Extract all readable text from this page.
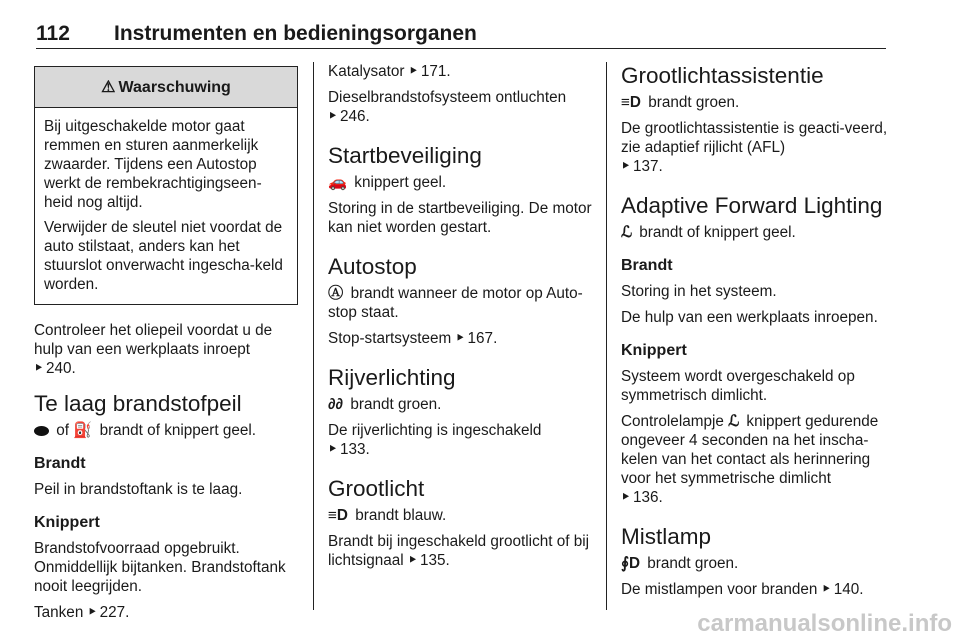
112 Instrumenten en bedieningsorganen
⚠ Waarschuwing

Bij uitgeschakelde motor gaat remmen en sturen aanmerkelijk zwaarder. Tijdens een Autostop werkt de rembekrachtigingseen-heid nog altijd.

Verwijder de sleutel niet voordat de auto stilstaat, anders kan het stuurslot onverwacht ingescha-keld worden.

Controleer het oliepeil voordat u de hulp van een werkplaats inroept
‣ 240.

Te laag brandstofpeil

of ⛽ brandt of knippert geel.

Brandt

Peil in brandstoftank is te laag.

Knippert

Brandstofvoorraad opgebruikt. Onmiddellijk bijtanken. Brandstoftank nooit leegrijden.

Tanken ‣ 227.

Katalysator ‣ 171.

Dieselbrandstofsysteem ontluchten
‣ 246.

Startbeveiliging

🚗 knippert geel.

Storing in de startbeveiliging. De motor kan niet worden gestart.

Autostop

Ⓐ brandt wanneer de motor op Auto-stop staat.

Stop-startsysteem ‣ 167.

Rijverlichting

∂∂ brandt groen.

De rijverlichting is ingeschakeld
‣ 133.

Grootlicht

≡D brandt blauw.

Brandt bij ingeschakeld grootlicht of bij lichtsignaal ‣ 135.

Grootlichtassistentie

≡D brandt groen.

De grootlichtassistentie is geacti-veerd, zie adaptief rijlicht (AFL)
‣ 137.

Adaptive Forward Lighting

ℒ brandt of knippert geel.

Brandt

Storing in het systeem.

De hulp van een werkplaats inroepen.

Knippert

Systeem wordt overgeschakeld op symmetrisch dimlicht.

Controlelampje ℒ knippert gedurende ongeveer 4 seconden na het inscha-kelen van het contact als herinnering voor het symmetrische dimlicht
‣ 136.

Mistlamp

∮D brandt groen.

De mistlampen voor branden ‣ 140.

carmanualsonline.info
